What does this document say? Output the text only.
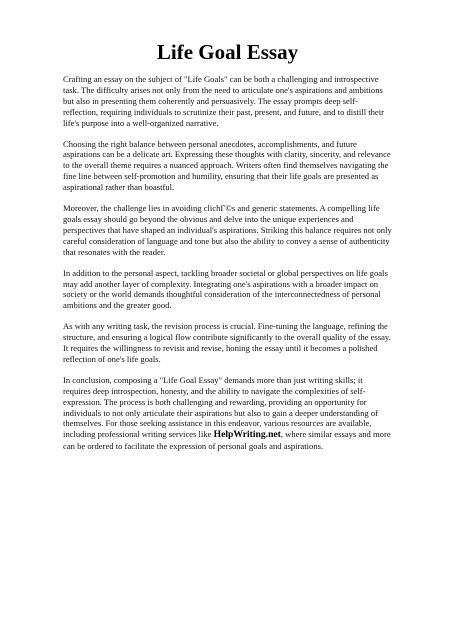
Life Goal Essay

Crafting an essay on the subject of "Life Goals" can be both a challenging and introspective task. The difficulty arises not only from the need to articulate one's aspirations and ambitions but also in presenting them coherently and persuasively. The essay prompts deep self-reflection, requiring individuals to scrutinize their past, present, and future, and to distill their life's purpose into a well-organized narrative.

Choosing the right balance between personal anecdotes, accomplishments, and future aspirations can be a delicate art. Expressing these thoughts with clarity, sincerity, and relevance to the overall theme requires a nuanced approach. Writers often find themselves navigating the fine line between self-promotion and humility, ensuring that their life goals are presented as aspirational rather than boastful.

Moreover, the challenge lies in avoiding clichГ©s and generic statements. A compelling life goals essay should go beyond the obvious and delve into the unique experiences and perspectives that have shaped an individual's aspirations. Striking this balance requires not only careful consideration of language and tone but also the ability to convey a sense of authenticity that resonates with the reader.

In addition to the personal aspect, tackling broader societal or global perspectives on life goals may add another layer of complexity. Integrating one's aspirations with a broader impact on society or the world demands thoughtful consideration of the interconnectedness of personal ambitions and the greater good.

As with any writing task, the revision process is crucial. Fine-tuning the language, refining the structure, and ensuring a logical flow contribute significantly to the overall quality of the essay. It requires the willingness to revisit and revise, honing the essay until it becomes a polished reflection of one's life goals.

In conclusion, composing a "Life Goal Essay" demands more than just writing skills; it requires deep introspection, honesty, and the ability to navigate the complexities of self-expression. The process is both challenging and rewarding, providing an opportunity for individuals to not only articulate their aspirations but also to gain a deeper understanding of themselves. For those seeking assistance in this endeavor, various resources are available, including professional writing services like HelpWriting.net, where similar essays and more can be ordered to facilitate the expression of personal goals and aspirations.
